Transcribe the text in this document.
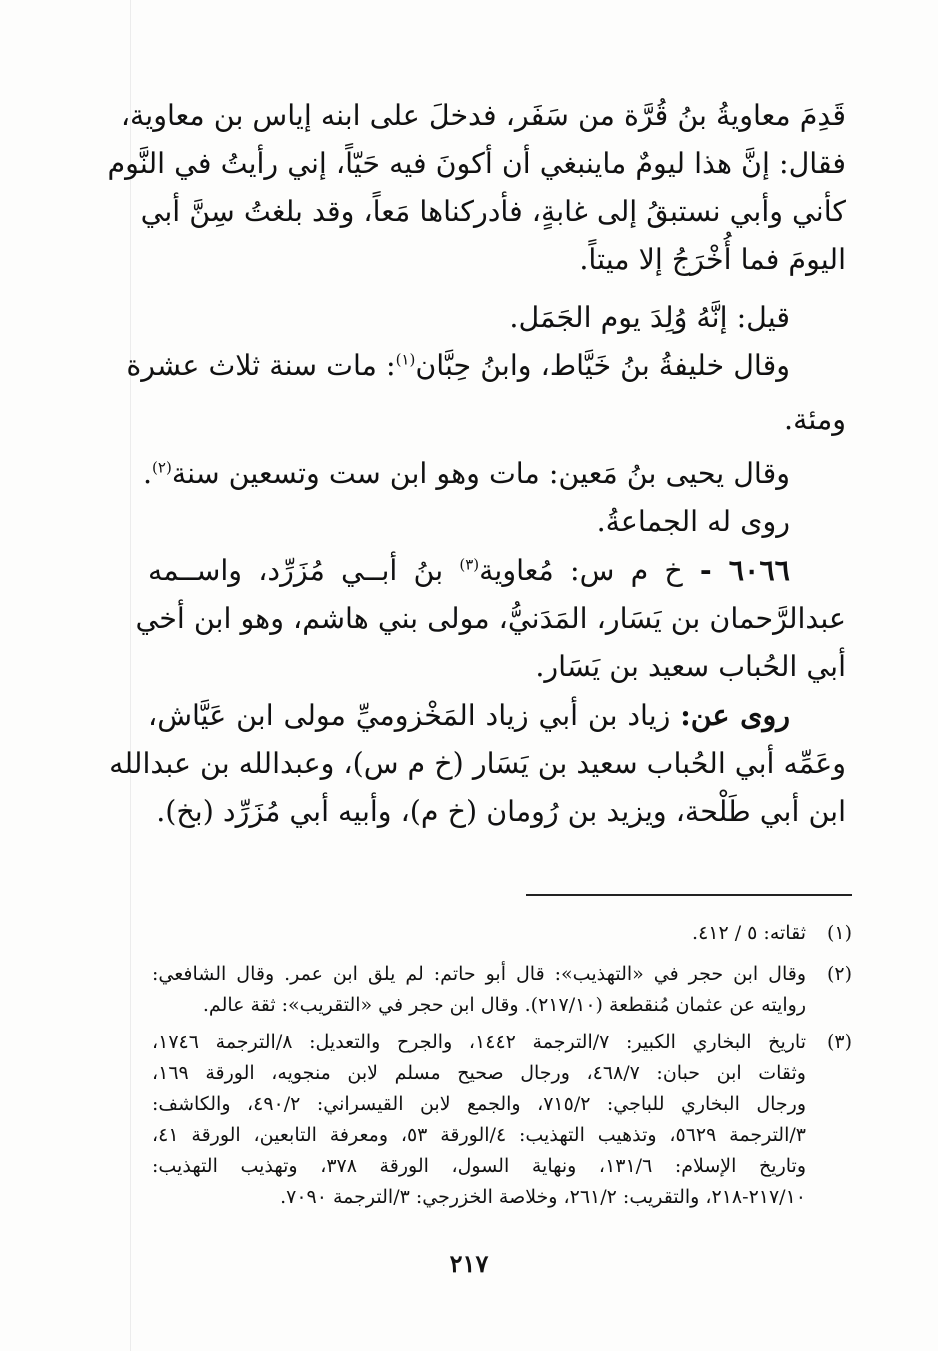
قَدِمَ معاويةُ بنُ قُرَّة من سَفَر، فدخلَ على ابنه إياس بن معاوية،
فقال: إنَّ هذا ليومٌ ماينبغي أن أكونَ فيه حَيّاً، إني رأيتُ في النَّوم
كأني وأبي نستبقُ إلى غابةٍ، فأدركناها مَعاً، وقد بلغتُ سِنَّ أبي
اليومَ فما أُخْرَجُ إلا ميتاً.
قيل: إنَّهُ وُلِدَ يوم الجَمَل.
وقال خليفةُ بنُ خَيَّاط، وابنُ حِبَّان$^{(١)}$: مات سنة ثلاث عشرة
ومئة.
وقال يحيى بنُ مَعين: مات وهو ابن ست وتسعين سنة$^{(٢)}$.
روى له الجماعةُ.
٦٠٦٦ - خ م س: مُعاوية$^{(٣)}$ بنُ أبــي مُزَرِّد، واســمه
عبدالرَّحمان بن يَسَار، المَدَنيُّ، مولى بني هاشم، وهو ابن أخي
أبي الحُباب سعيد بن يَسَار.
روى عن: زياد بن أبي زياد المَخْزوميِّ مولى ابن عَيَّاش،
وعَمِّه أبي الحُباب سعيد بن يَسَار (خ م س)، وعبدالله بن عبدالله
ابن أبي طَلْحة، ويزيد بن رُومان (خ م)، وأبيه أبي مُزَرِّد (بخ).
(١)
ثقاته: ٥ / ٤١٢.
(٢)
وقال ابن حجر في «التهذيب»: قال أبو حاتم: لم يلق ابن عمر. وقال الشافعي:
روايته عن عثمان مُنقطعة (٢١٧/١٠). وقال ابن حجر في «التقريب»: ثقة عالم.
(٣)
تاريخ البخاري الكبير: ٧/الترجمة ١٤٤٢، والجرح والتعديل: ٨/الترجمة ١٧٤٦،
وثقات ابن حبان: ٤٦٨/٧، ورجال صحيح مسلم لابن منجويه، الورقة ١٦٩،
ورجال البخاري للباجي: ٧١٥/٢، والجمع لابن القيسراني: ٤٩٠/٢، والكاشف:
٣/الترجمة ٥٦٢٩، وتذهيب التهذيب: ٤/الورقة ٥٣، ومعرفة التابعين، الورقة ٤١،
وتاريخ الإسلام: ١٣١/٦، ونهاية السول، الورقة ٣٧٨، وتهذيب التهذيب:
٢١٧/١٠-٢١٨، والتقريب: ٢٦١/٢، وخلاصة الخزرجي: ٣/الترجمة ٧٠٩٠.
٢١٧
